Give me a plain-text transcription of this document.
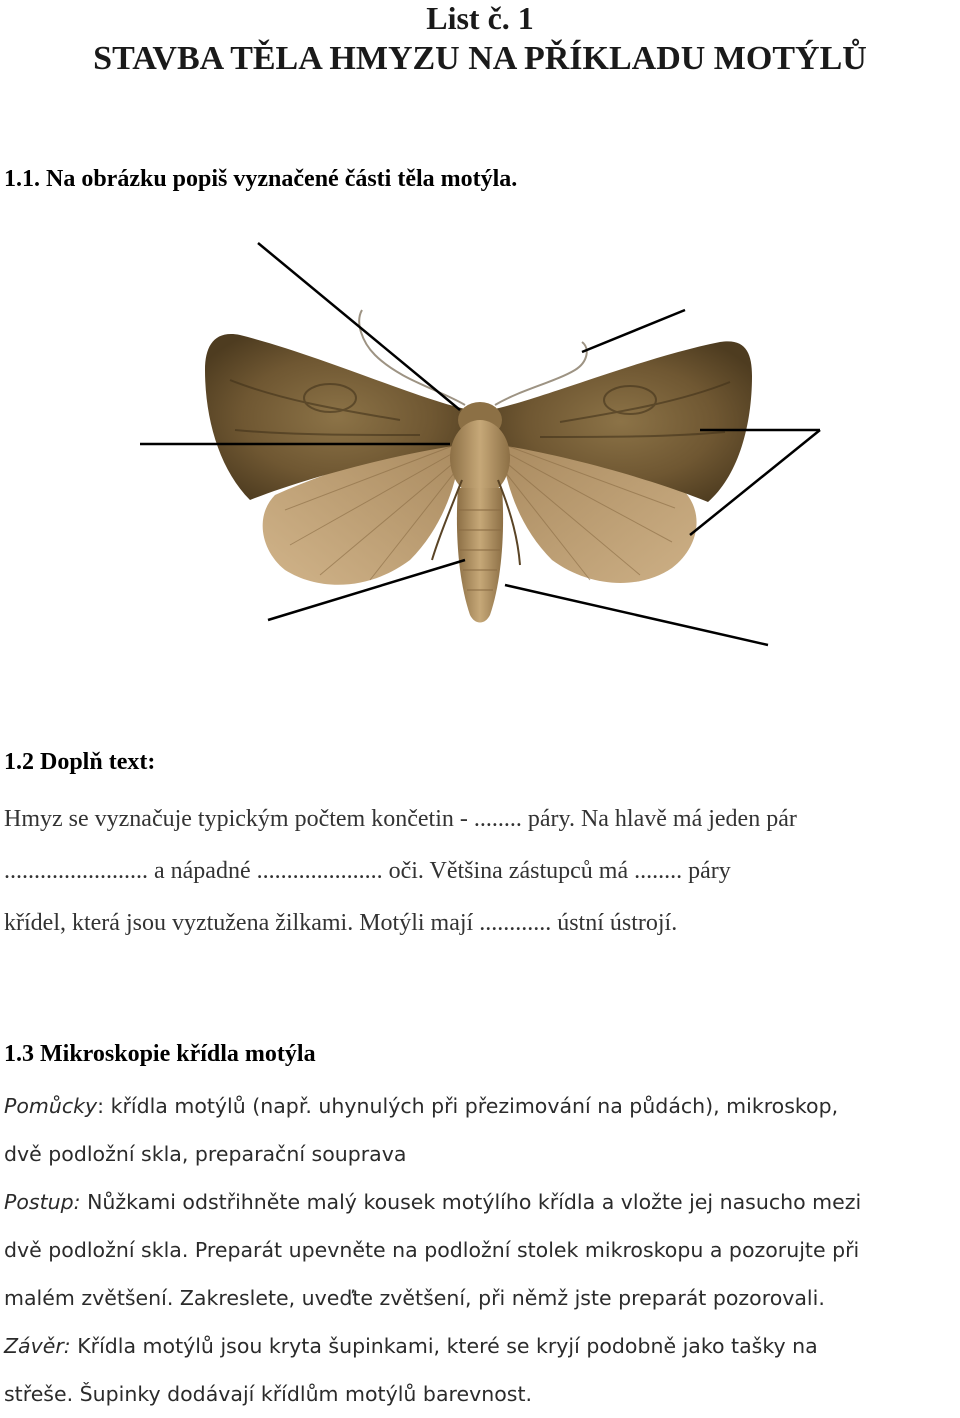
List č. 1
STAVBA TĚLA HMYZU NA PŘÍKLADU MOTÝLŮ
1.1. Na obrázku popiš vyznačené části těla motýla.
1.2 Doplň text:
Hmyz se vyznačuje typickým počtem končetin - ........ páry. Na hlavě má jeden pár
........................ a nápadné ..................... oči. Většina zástupců má ........ páry
křídel, která jsou vyztužena žilkami. Motýli mají ............ ústní ústrojí.
1.3 Mikroskopie křídla motýla
Pomůcky: křídla motýlů (např. uhynulých při přezimování na půdách), mikroskop,
dvě podložní skla, preparační souprava
Postup: Nůžkami odstřihněte malý kousek motýlího křídla a vložte jej nasucho mezi
dvě podložní skla. Preparát upevněte na podložní stolek mikroskopu a pozorujte při
malém zvětšení. Zakreslete, uveďte zvětšení, při němž jste preparát pozorovali.
Závěr: Křídla motýlů jsou kryta šupinkami, které se kryjí podobně jako tašky na
střeše. Šupinky dodávají křídlům motýlů barevnost.
